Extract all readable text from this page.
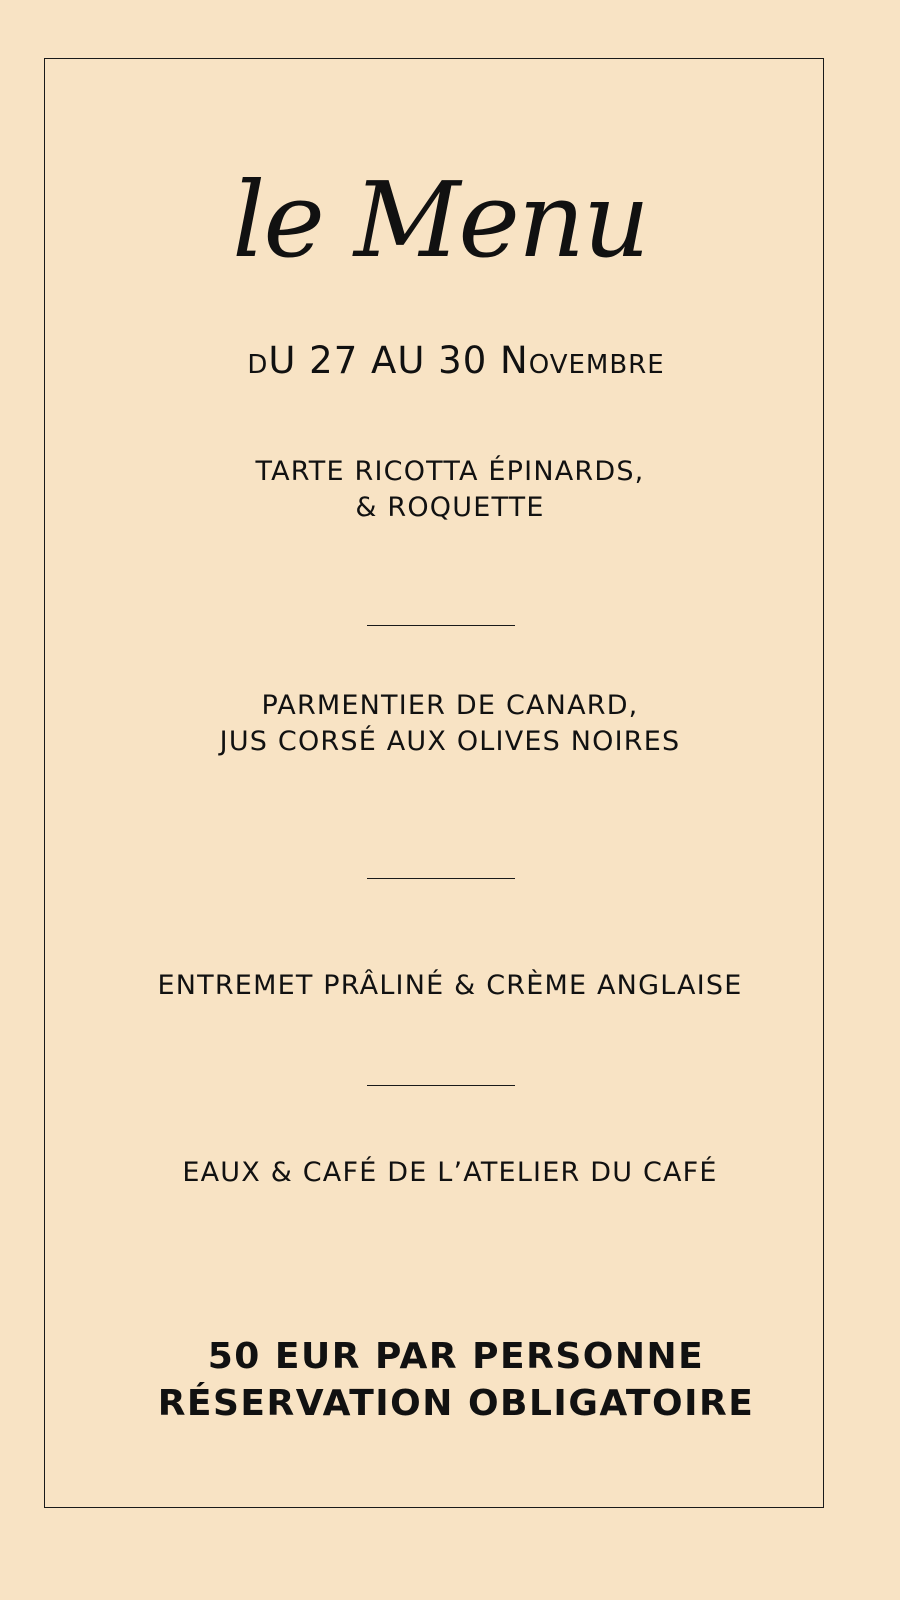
le Menu
dU 27 AU 30 Novembre
TARTE RICOTTA ÉPINARDS,
& ROQUETTE
PARMENTIER DE CANARD,
JUS CORSÉ AUX OLIVES NOIRES
ENTREMET PRÂLINÉ & CRÈME ANGLAISE
EAUX & CAFÉ DE L’ATELIER DU CAFÉ
50 EUR PAR PERSONNE
RÉSERVATION OBLIGATOIRE
